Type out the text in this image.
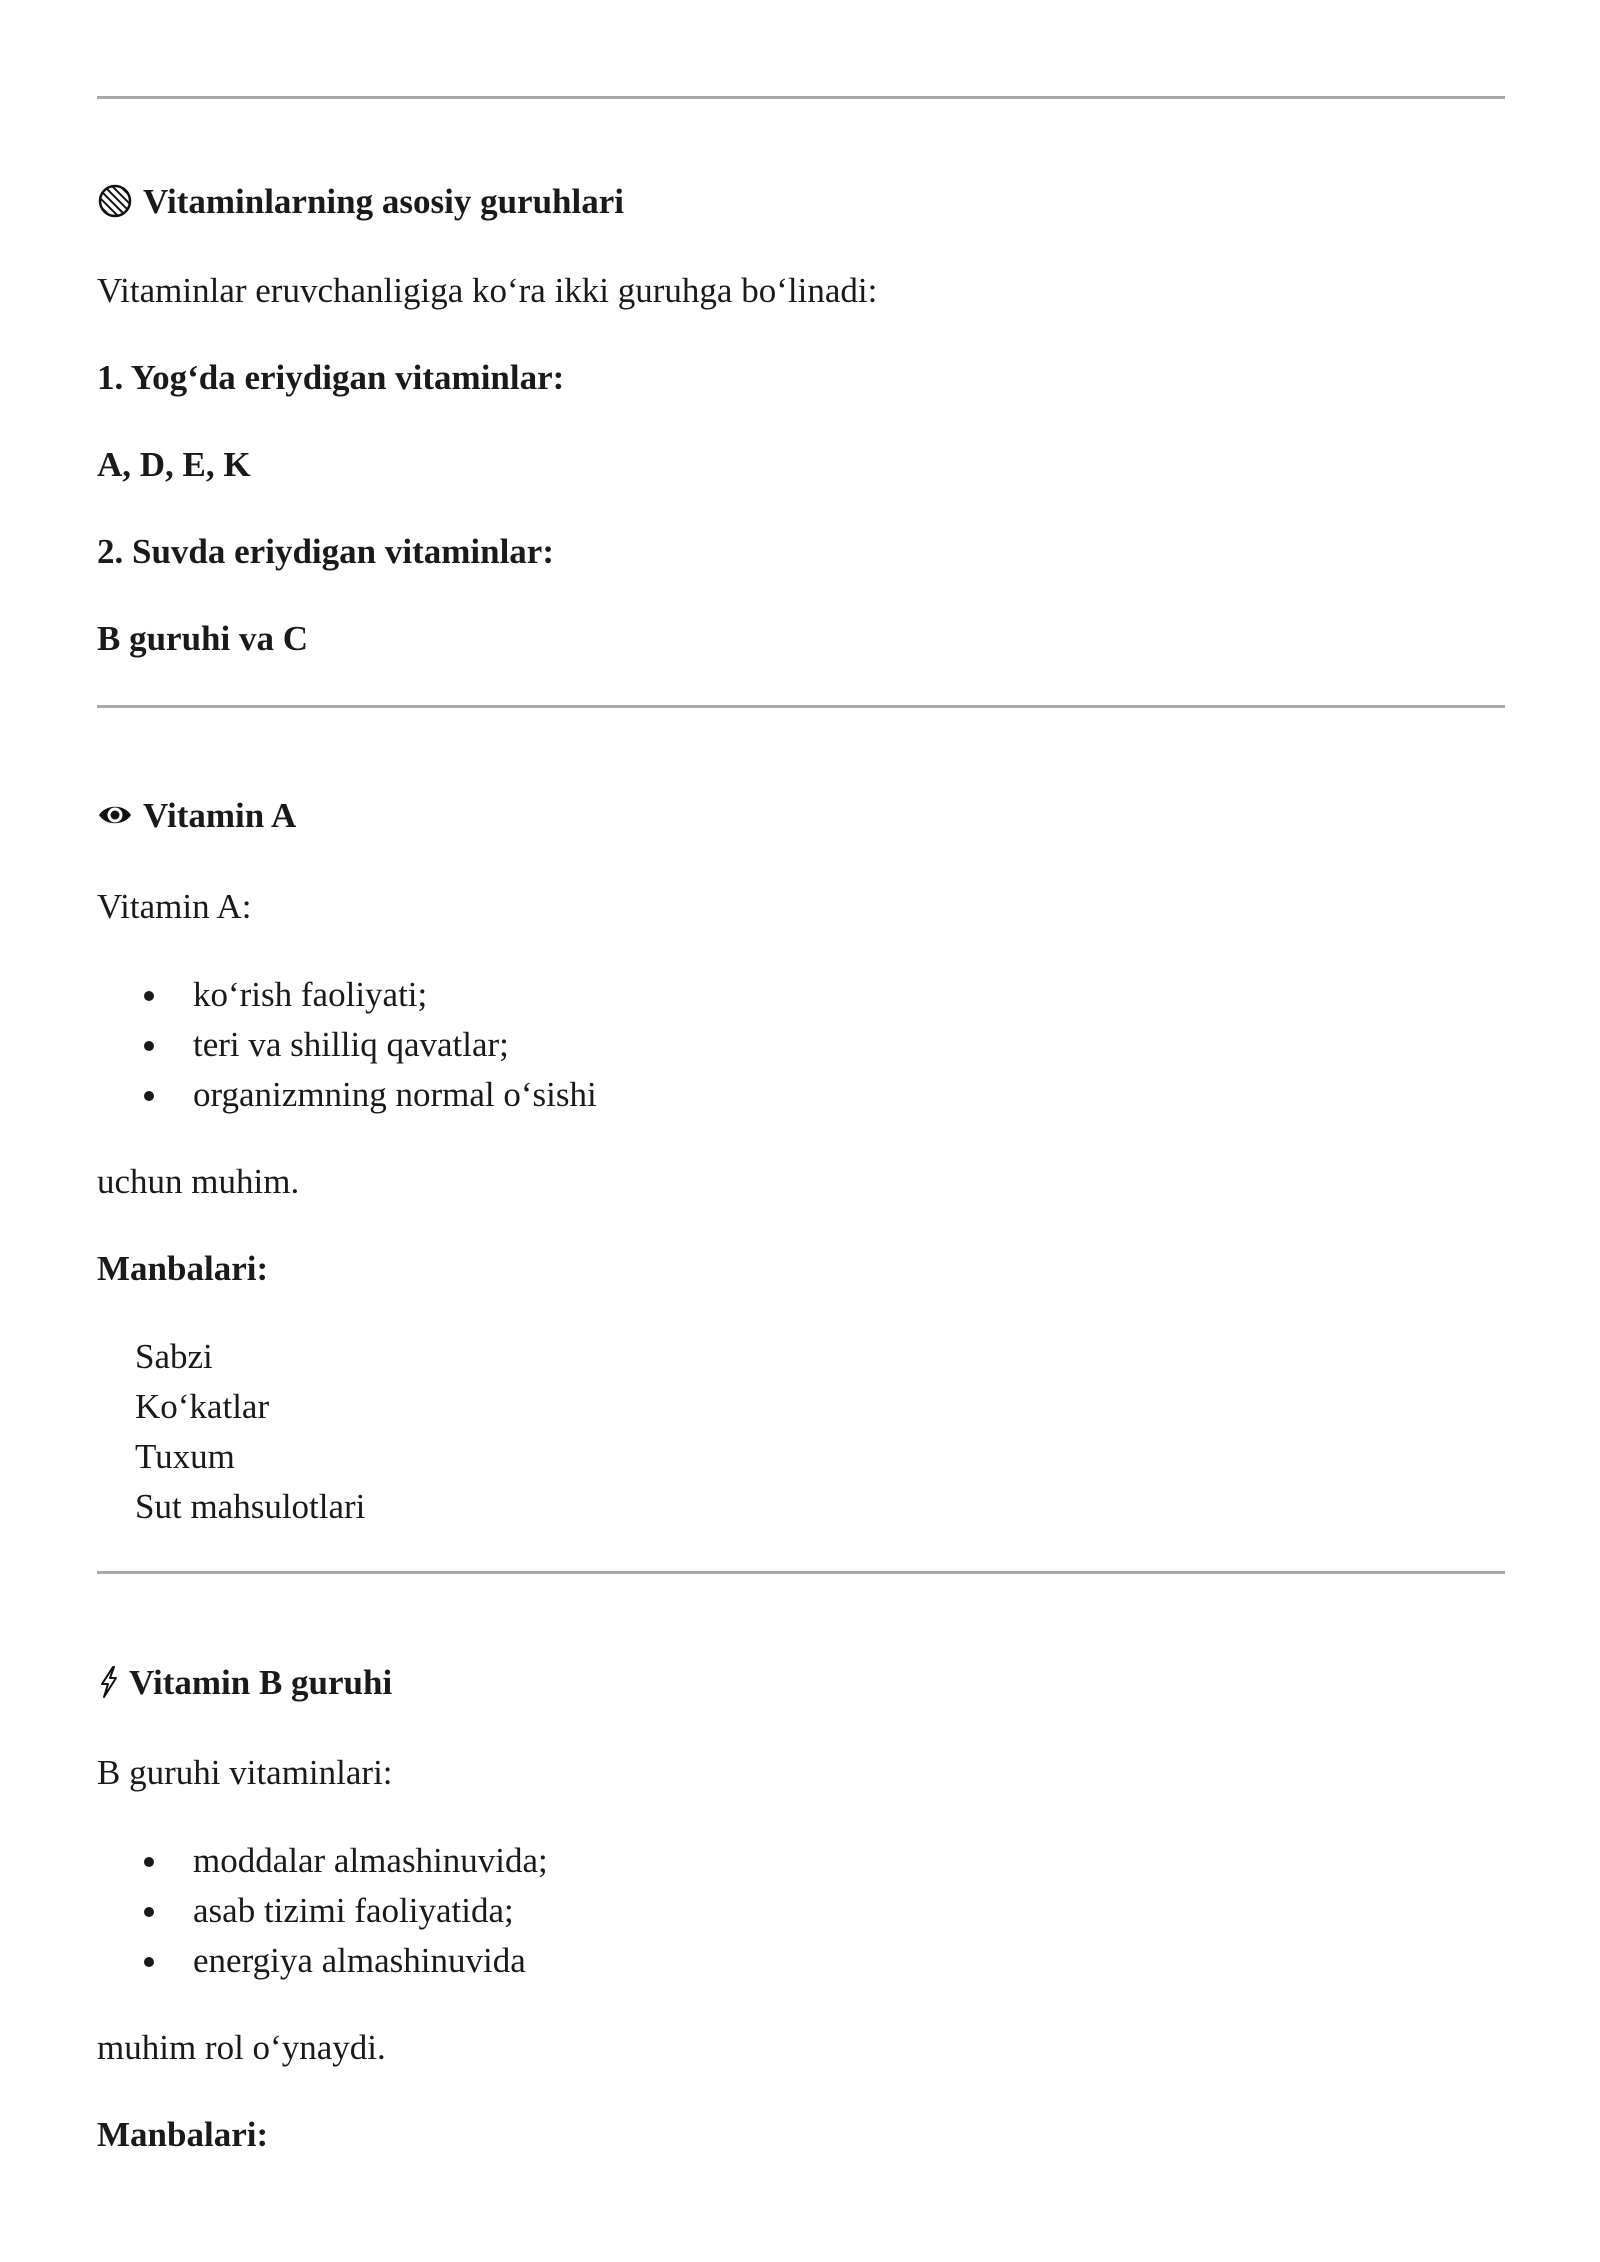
Vitaminlarning asosiy guruhlari
Vitaminlar eruvchanligiga ko‘ra ikki guruhga bo‘linadi:
1. Yog‘da eriydigan vitaminlar:
A, D, E, K
2. Suvda eriydigan vitaminlar:
B guruhi va C
Vitamin A
Vitamin A:
ko‘rish faoliyati;
teri va shilliq qavatlar;
organizmning normal o‘sishi
uchun muhim.
Manbalari:
Sabzi
Ko‘katlar
Tuxum
Sut mahsulotlari
Vitamin B guruhi
B guruhi vitaminlari:
moddalar almashinuvida;
asab tizimi faoliyatida;
energiya almashinuvida
muhim rol o‘ynaydi.
Manbalari:
